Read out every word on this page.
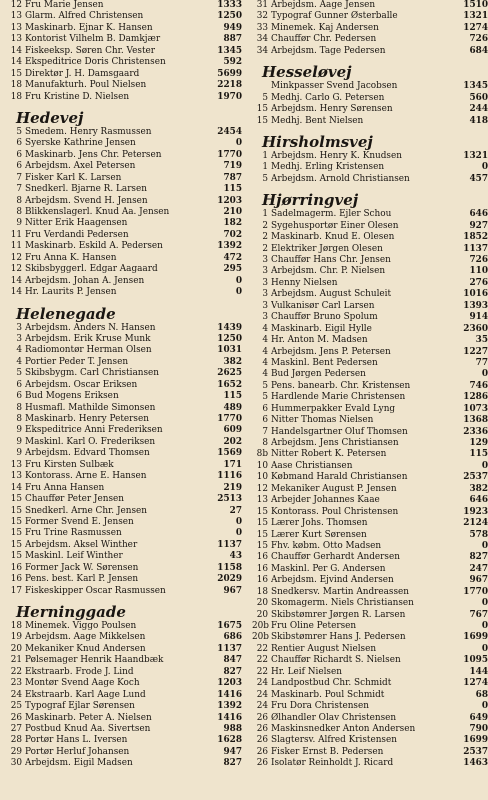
12 Fru Marie Jensen	1333
13 Glarm. Alfred Christensen	1250
13 Maskinarb. Ejnar K. Hansen	949
13 Kontorist Vilhelm B. Damkjær	887
14 Fiskeeksp. Søren Chr. Vester	1345
14 Ekspeditrice Doris Christensen	592
15 Direktør J. H. Damsgaard	5699
18 Manufakturh. Poul Nielsen	2218
18 Fru Kristine D. Nielsen	1970
Hedevej
5 Smedem. Henry Rasmussen	2454
6 Syerske Kathrine Jensen	0
6 Maskinarb. Jens Chr. Petersen	1770
6 Arbejdsm. Axel Petersen	719
7 Fisker Karl K. Larsen	787
7 Snedkerl. Bjarne R. Larsen	115
8 Arbejdsm. Svend H. Jensen	1203
8 Blikkenslagerl. Knud Aa. Jensen	210
9 Nitter Erik Haagensen	182
11 Fru Verdandi Pedersen	702
11 Maskinarb. Eskild A. Pedersen	1392
12 Fru Anna K. Hansen	472
12 Skibsbyggerl. Edgar Aagaard	295
14 Arbejdsm. Johan A. Jensen	0
14 Hr. Laurits P. Jensen	0
Helenegade
3 Arbejdsm. Anders N. Hansen	1439
3 Arbejdsm. Erik Kruse Munk	1250
4 Radiomontør Herman Olsen	1031
4 Portier Peder T. Jensen	382
5 Skibsbygm. Carl Christiansen	2625
6 Arbejdsm. Oscar Eriksen	1652
6 Bud Mogens Eriksen	115
8 Husmafl. Mathilde Simonsen	489
8 Maskinarb. Henry Petersen	1770
9 Ekspeditrice Anni Frederiksen	609
9 Maskinl. Karl O. Frederiksen	202
9 Arbejdsm. Edvard Thomsen	1569
13 Fru Kirsten Sulbæk	171
13 Kontorass. Arne E. Hansen	1116
14 Fru Anna Hansen	219
15 Chauffør Peter Jensen	2513
15 Snedkerl. Arne Chr. Jensen	27
15 Former Svend E. Jensen	0
15 Fru Trine Rasmussen	0
15 Arbejdsm. Aksel Winther	1137
15 Maskinl. Leif Winther	43
16 Former Jack W. Sørensen	1158
16 Pens. best. Karl P. Jensen	2029
17 Fiskeskipper Oscar Rasmussen	967
Herninggade
18 Minemek. Viggo Poulsen	1675
19 Arbejdsm. Aage Mikkelsen	686
20 Mekaniker Knud Andersen	1137
21 Pølsemager Henrik Haandbæk	847
22 Ekstraarb. Frode J. Lind	827
23 Montør Svend Aage Koch	1203
24 Ekstraarb. Karl Aage Lund	1416
25 Typograf Ejlar Sørensen	1392
26 Maskinarb. Peter A. Nielsen	1416
27 Postbud Knud Aa. Sivertsen	988
28 Portør Hans L. Iversen	1628
29 Portør Herluf Johansen	947
30 Arbejdsm. Eigil Madsen	827
31 Arbejdsm. Aage Jensen	1510
32 Typograf Gunner Østerballe	1321
33 Minemek. Kaj Andersen	1274
34 Chauffør Chr. Pedersen	726
34 Arbejdsm. Tage Pedersen	684
Hesseløvej
Minkpasser Svend Jacobsen	1345
5 Medhj. Carlo G. Petersen	560
15 Arbejdsm. Henry Sørensen	244
15 Medhj. Bent Nielsen	418
Hirsholmsvej
1 Arbejdsm. Henry K. Knudsen	1321
1 Medhj. Erling Kristensen	0
5 Arbejdsm. Arnold Christiansen	457
Hjørringvej
1 Sadelmagerm. Ejler Schou	646
2 Sygehusportør Einer Olesen	927
2 Maskinarb. Knud E. Olesen	1852
2 Elektriker Jørgen Olesen	1137
3 Chauffør Hans Chr. Jensen	726
3 Arbejdsm. Chr. P. Nielsen	110
3 Henny Nielsen	276
3 Arbejdsm. August Schuleit	1016
3 Vulkanisør Carl Larsen	1393
3 Chauffør Bruno Spolum	914
4 Maskinarb. Eigil Hylle	2360
4 Hr. Anton M. Madsen	35
4 Arbejdsm. Jens P. Petersen	1227
4 Maskinl. Bent Pedersen	77
4 Bud Jørgen Pedersen	0
5 Pens. banearb. Chr. Kristensen	746
5 Hardlende Marie Christensen	1286
6 Hummerpakker Evald Lyng	1073
6 Nitter Thomas Nielsen	1368
7 Handelsgartner Oluf Thomsen	2336
8 Arbejdsm. Jens Christiansen	129
8b Nitter Robert K. Petersen	115
10 Aase Christiansen	0
10 Købmand Harald Christiansen	2537
12 Mekaniker August P. Jensen	382
13 Arbejder Johannes Kaae	646
15 Kontorass. Poul Christensen	1923
15 Lærer Johs. Thomsen	2124
15 Lærer Kurt Sørensen	578
15 Fhv. købm. Otto Madsen	0
16 Chauffør Gerhardt Andersen	827
16 Maskinl. Per G. Andersen	247
16 Arbejdsm. Ejvind Andersen	967
18 Snedkersv. Martin Andreassen	1770
20 Skomagerm. Niels Christiansen	0
20 Skibstømrer Jørgen R. Larsen	767
20b Fru Oline Petersen	0
20b Skibstømrer Hans J. Pedersen	1699
22 Rentier August Nielsen	0
22 Chauffør Richardt S. Nielsen	1095
22 Hr. Leif Nielsen	144
24 Landpostbud Chr. Schmidt	1274
24 Maskinarb. Poul Schmidt	68
24 Fru Dora Christensen	0
26 Ølhandler Olav Christensen	649
26 Maskinsnedker Anton Andersen	790
26 Slagtersv. Alfred Kristensen	1699
26 Fisker Ernst B. Pedersen	2537
26 Isolatør Reinholdt J. Ricard	1463
